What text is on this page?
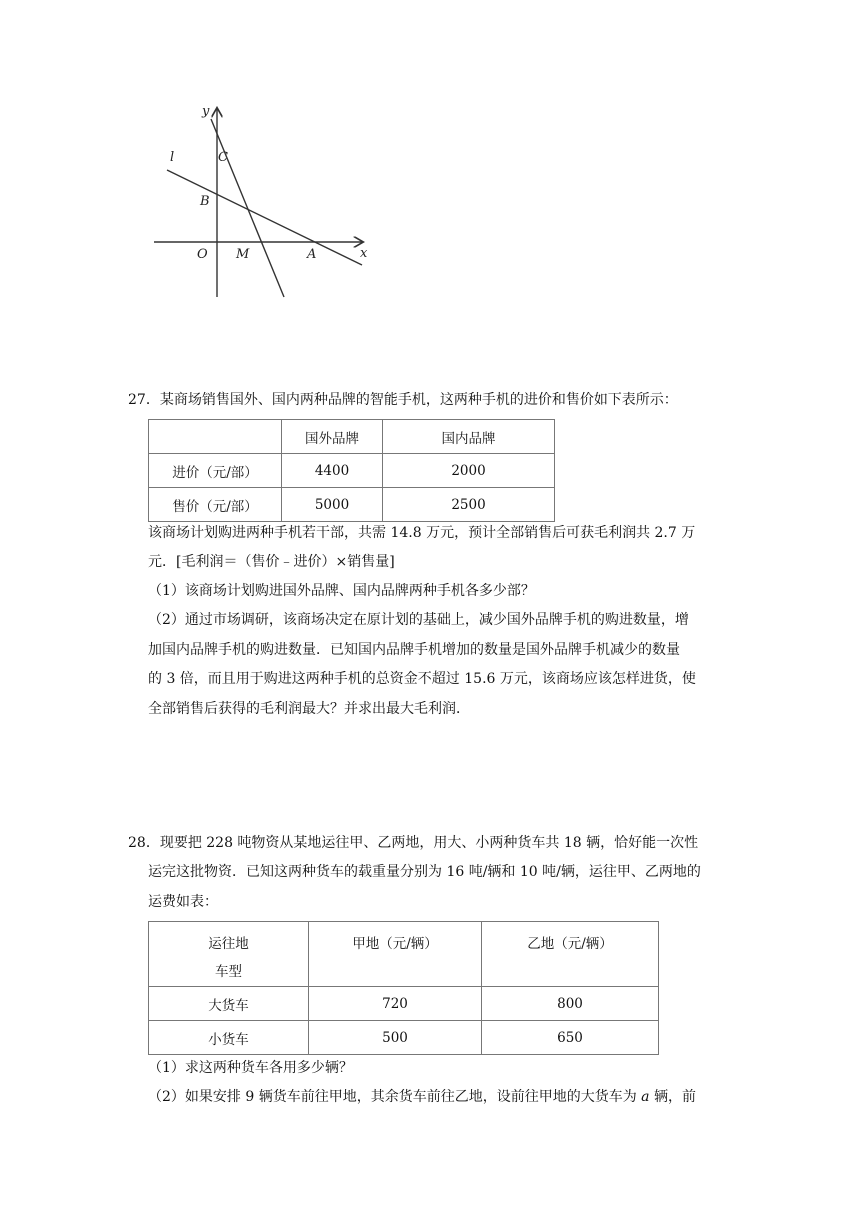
y
x
l	C
B
O M	A
27．某商场销售国外、国内两种品牌的智能手机，这两种手机的进价和售价如下表所示：
	国外品牌	国内品牌
进价（元/部）	4400	2000
售价（元/部）	5000	2500
该商场计划购进两种手机若干部，共需 14.8 万元，预计全部销售后可获毛利润共 2.7 万
元．[毛利润＝（售价﹣进价）×销售量]
（1）该商场计划购进国外品牌、国内品牌两种手机各多少部？
（2）通过市场调研，该商场决定在原计划的基础上，减少国外品牌手机的购进数量，增
加国内品牌手机的购进数量．已知国内品牌手机增加的数量是国外品牌手机减少的数量
的 3 倍，而且用于购进这两种手机的总资金不超过 15.6 万元，该商场应该怎样进货，使
全部销售后获得的毛利润最大？并求出最大毛利润．
28．现要把 228 吨物资从某地运往甲、乙两地，用大、小两种货车共 18 辆，恰好能一次性
运完这批物资．已知这两种货车的载重量分别为 16 吨/辆和 10 吨/辆，运往甲、乙两地的
运费如表：
运往地
车型	甲地（元/辆）	乙地（元/辆）
大货车	720	800
小货车	500	650
（1）求这两种货车各用多少辆？
（2）如果安排 9 辆货车前往甲地，其余货车前往乙地，设前往甲地的大货车为 a 辆，前
